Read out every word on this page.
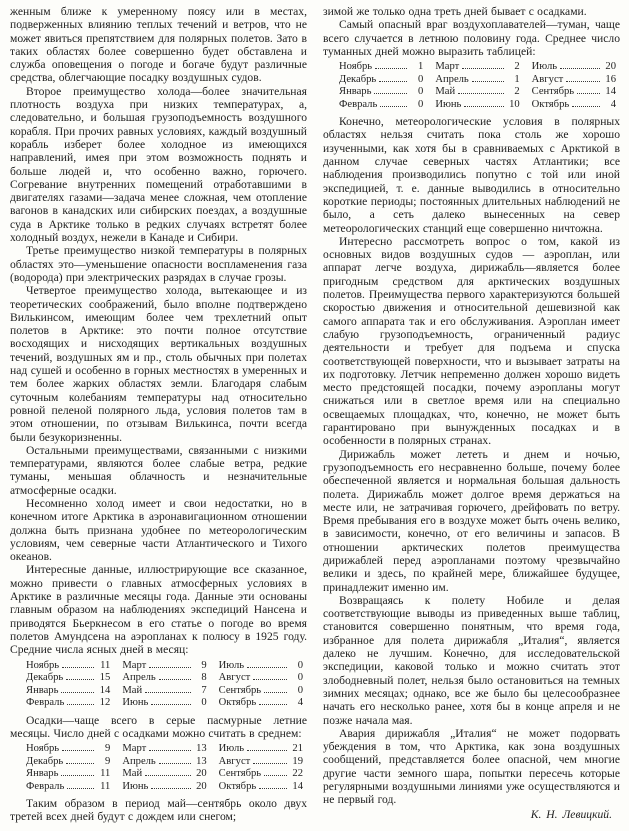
женным ближе к умеренному поясу или в местах, подверженных влиянию теплых течений и ветров, что не может явиться препятствием для полярных полетов. Зато в таких областях более совершенно будет обставлена и служба оповещения о погоде и богаче будут различные средства, облегчающие посадку воздушных судов.

Второе преимущество холода—более значительная плотность воздуха при низких температурах, а, следовательно, и большая грузоподъемность воздушного корабля. При прочих равных условиях, каждый воздушный корабль изберет более холодное из имеющихся направлений, имея при этом возможность поднять и больше людей и, что особенно важно, горючего. Согревание внутренних помещений отработавшими в двигателях газами—задача менее сложная, чем отопление вагонов в канадских или сибирских поездах, а воздушные суда в Арктике только в редких случаях встретят более холодный воздух, нежели в Канаде и Сибири.

Третье преимущество низкой температуры в полярных областях это—уменьшение опасности воспламенения газа (водорода) при электрических разрядах в случае грозы.

Четвертое преимущество холода, вытекающее и из теоретических соображений, было вполне подтверждено Вилькинсом, имеющим более чем трехлетний опыт полетов в Арктике: это почти полное отсутствие восходящих и нисходящих вертикальных воздушных течений, воздушных ям и пр., столь обычных при полетах над сушей и особенно в горных местностях в умеренных и тем более жарких областях земли. Благодаря слабым суточным колебаниям температуры над относительно ровной пеленой полярного льда, условия полетов там в этом отношении, по отзывам Вилькинса, почти всегда были безукоризненны.

Остальными преимуществами, связанными с низкими температурами, являются более слабые ветра, редкие туманы, меньшая облачность и незначительные атмосферные осадки.

Несомненно холод имеет и свои недостатки, но в конечном итоге Арктика в аэронавигационном отношении должна быть признана удобнее по метеорологическим условиям, чем северные части Атлантического и Тихого океанов.

Интересные данные, иллюстрирующие все сказанное, можно привести о главных атмосферных условиях в Арктике в различные месяцы года. Данные эти основаны главным образом на наблюдениях экспедиций Нансена и приводятся Бьеркнесом в его статье о погоде во время полетов Амундсена на аэропланах к полюсу в 1925 году. Средние числа ясных дней в месяц:

Ноябрь	11 Март	9 Июль	0
Декабрь	15 Апрель	8 Август	0
Январь	14 Май	7 Сентябрь	0
Февраль	12 Июнь	0 Октябрь	4

Осадки—чаще всего в серые пасмурные летние месяцы. Число дней с осадками можно считать в среднем:

Ноябрь	9 Март	13 Июль	21
Декабрь	9 Апрель	13 Август	19
Январь	11 Май	20 Сентябрь	22
Февраль	11 Июнь	20 Октябрь	14

Таким образом в период май—сентябрь около двух третей всех дней будут с дождем или снегом;

зимой же только одна треть дней бывает с осадками.

Самый опасный враг воздухоплавателей—туман, чаще всего случается в летнюю половину года. Среднее число туманных дней можно выразить таблицей:

Ноябрь	1 Март	2 Июль	20
Декабрь	0 Апрель	1 Август	16
Январь	0 Май	2 Сентябрь	14
Февраль	0 Июнь	10 Октябрь	4

Конечно, метеорологические условия в полярных областях нельзя считать пока столь же хорошо изученными, как хотя бы в сравниваемых с Арктикой в данном случае северных частях Атлантики; все наблюдения производились попутно с той или иной экспедицией, т. е. данные выводились в относительно короткие периоды; постоянных длительных наблюдений не было, а сеть далеко вынесенных на север метеорологических станций еще совершенно ничтожна.

Интересно рассмотреть вопрос о том, какой из основных видов воздушных судов — аэроплан, или аппарат легче воздуха, дирижабль—является более пригодным средством для арктических воздушных полетов. Преимущества первого характеризуются большей скоростью движения и относительной дешевизной как самого аппарата так и его обслуживания. Аэроплан имеет слабую грузоподъемность, ограниченный радиус деятельности и требует для подъема и спуска соответствующей поверхности, что и вызывает затраты на их подготовку. Летчик непременно должен хорошо видеть место предстоящей посадки, почему аэропланы могут снижаться или в светлое время или на специально освещаемых площадках, что, конечно, не может быть гарантировано при вынужденных посадках и в особенности в полярных странах.

Дирижабль может лететь и днем и ночью, грузоподъемность его несравненно больше, почему более обеспеченной является и нормальная большая дальность полета. Дирижабль может долгое время держаться на месте или, не затрачивая горючего, дрейфовать по ветру. Время пребывания его в воздухе может быть очень велико, в зависимости, конечно, от его величины и запасов. В отношении арктических полетов преимущества дирижаблей перед аэропланами поэтому чрезвычайно велики и здесь, по крайней мере, ближайшее будущее, принадлежит именно им.

Возвращаясь к полету Нобиле и делая соответствующие выводы из приведенных выше таблиц, становится совершенно понятным, что время года, избранное для полета дирижабля „Италия“, является далеко не лучшим. Конечно, для исследовательской экспедиции, каковой только и можно считать этот злободневный полет, нельзя было остановиться на темных зимних месяцах; однако, все же было бы целесообразнее начать его несколько ранее, хотя бы в конце апреля и не позже начала мая.

Авария дирижабля „Италия“ не может подорвать убеждения в том, что Арктика, как зона воздушных сообщений, представляется более опасной, чем многие другие части земного шара, попытки пересечь которые регулярными воздушными линиями уже осуществляются и не первый год.

К. Н. Левицкий.
